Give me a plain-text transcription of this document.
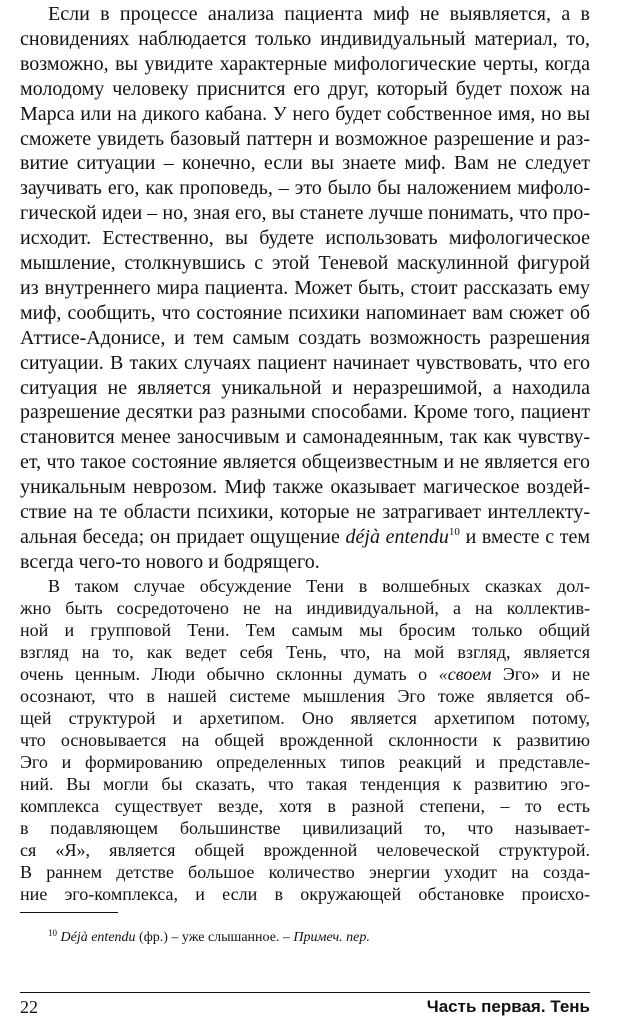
Если в процессе анализа пациента миф не выявляется, а в
сновидениях наблюдается только индивидуальный материал, то,
возможно, вы увидите характерные мифологические черты, когда
молодому человеку приснится его друг, который будет похож на
Марса или на дикого кабана. У него будет собственное имя, но вы
сможете увидеть базовый паттерн и возможное разрешение и раз-
витие ситуации – конечно, если вы знаете миф. Вам не следует
заучивать его, как проповедь, – это было бы наложением мифоло-
гической идеи – но, зная его, вы станете лучше понимать, что про-
исходит. Естественно, вы будете использовать мифологическое
мышление, столкнувшись с этой Теневой маскулинной фигурой
из внутреннего мира пациента. Может быть, стоит рассказать ему
миф, сообщить, что состояние психики напоминает вам сюжет об
Аттисе-Адонисе, и тем самым создать возможность разрешения
ситуации. В таких случаях пациент начинает чувствовать, что его
ситуация не является уникальной и неразрешимой, а находила
разрешение десятки раз разными способами. Кроме того, пациент
становится менее заносчивым и самонадеянным, так как чувству-
ет, что такое состояние является общеизвестным и не является его
уникальным неврозом. Миф также оказывает магическое воздей-
ствие на те области психики, которые не затрагивает интеллекту-
альная беседа; он придает ощущение déjà entendu$^{10}$ и вместе с тем
всегда чего-то нового и бодрящего.
В таком случае обсуждение Тени в волшебных сказках дол-
жно быть сосредоточено не на индивидуальной, а на коллектив-
ной и групповой Тени. Тем самым мы бросим только общий
взгляд на то, как ведет себя Тень, что, на мой взгляд, является
очень ценным. Люди обычно склонны думать о «своем Эго» и не
осознают, что в нашей системе мышления Эго тоже является об-
щей структурой и архетипом. Оно является архетипом потому,
что основывается на общей врожденной склонности к развитию
Эго и формированию определенных типов реакций и представле-
ний. Вы могли бы сказать, что такая тенденция к развитию эго-
комплекса существует везде, хотя в разной степени, – то есть
в подавляющем большинстве цивилизаций то, что называет-
ся «Я», является общей врожденной человеческой структурой.
В раннем детстве большое количество энергии уходит на созда-
ние эго-комплекса, и если в окружающей обстановке происхо-
$^{10}$ Déjà entendu (фр.) – уже слышанное. – Примеч. пер.
22	Часть первая. Тень
